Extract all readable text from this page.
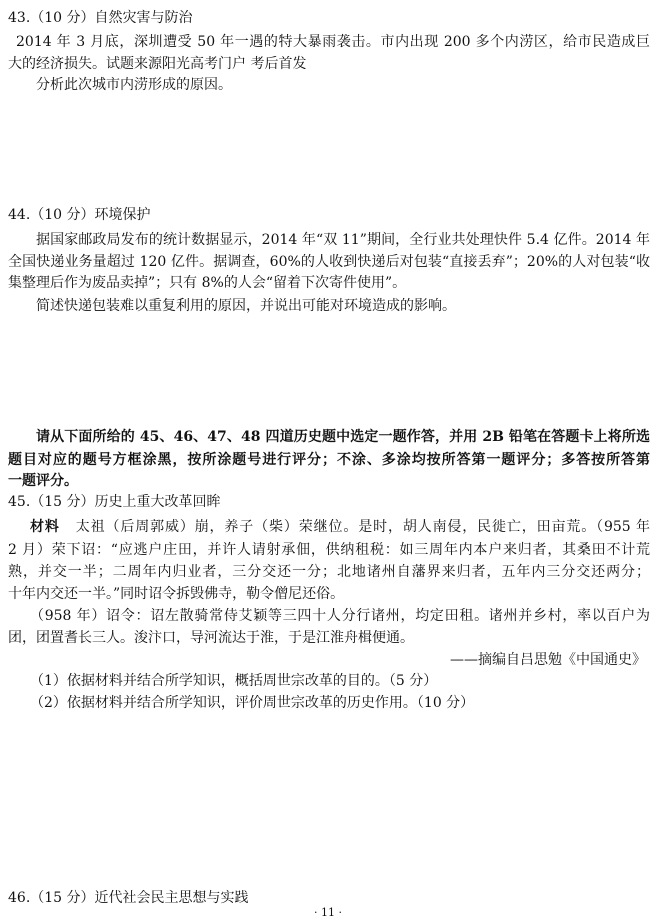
43.（10 分）自然灾害与防治
2014 年 3 月底，深圳遭受 50 年一遇的特大暴雨袭击。市内出现 200 多个内涝区，给市民造成巨
大的经济损失。试题来源阳光高考门户 考后首发
分析此次城市内涝形成的原因。
44.（10 分）环境保护
据国家邮政局发布的统计数据显示，2014 年“双 11”期间，全行业共处理快件 5.4 亿件。2014 年
全国快递业务量超过 120 亿件。据调查，60%的人收到快递后对包装“直接丢弃”；20%的人对包装“收
集整理后作为废品卖掉”；只有 8%的人会“留着下次寄件使用”。
简述快递包装难以重复利用的原因，并说出可能对环境造成的影响。
请从下面所给的 45、46、47、48 四道历史题中选定一题作答，并用 2B 铅笔在答题卡上将所选
题目对应的题号方框涂黑，按所涂题号进行评分；不涂、多涂均按所答第一题评分；多答按所答第
一题评分。
45.（15 分）历史上重大改革回眸
材料 太祖（后周郭威）崩，养子（柴）荣继位。是时，胡人南侵，民徙亡，田亩荒。（955 年
2 月）荣下诏：“应逃户庄田，并许人请射承佃，供纳租税：如三周年内本户来归者，其桑田不计荒
熟，并交一半；二周年内归业者，三分交还一分；北地诸州自藩界来归者，五年内三分交还两分；
十年内交还一半。”同时诏令拆毁佛寺，勒令僧尼还俗。
（958 年）诏令：诏左散骑常侍艾颖等三四十人分行诸州，均定田租。诸州并乡村，率以百户为
团，团置耆长三人。浚汴口，导河流达于淮，于是江淮舟楫便通。
——摘编自吕思勉《中国通史》
（1）依据材料并结合所学知识，概括周世宗改革的目的。（5 分）
（2）依据材料并结合所学知识，评价周世宗改革的历史作用。（10 分）
46.（15 分）近代社会民主思想与实践
· 11 ·
